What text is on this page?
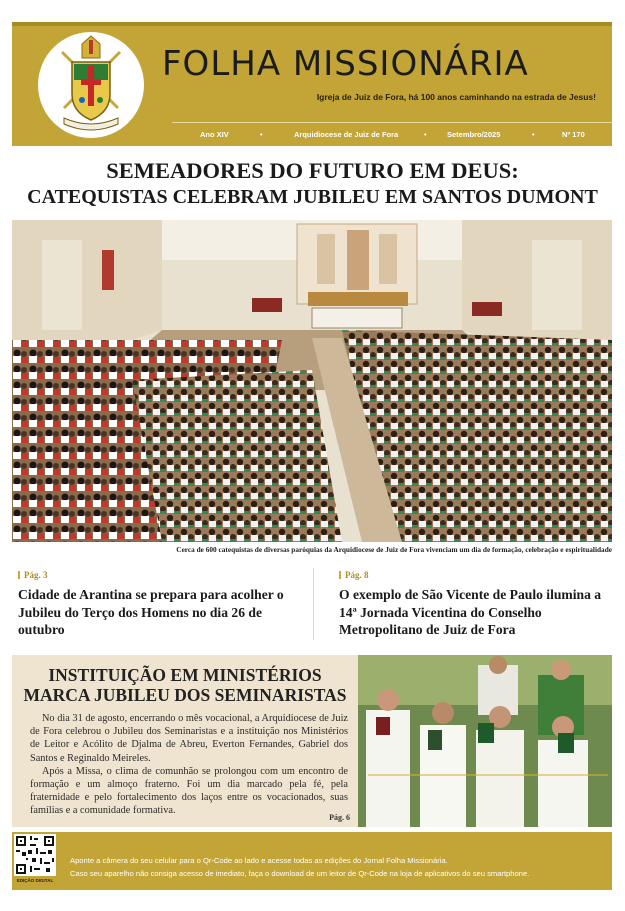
FOLHA MISSIONÁRIA
Igreja de Juiz de Fora, há 100 anos caminhando na estrada de Jesus!
Ano XIV	•	Arquidiocese de Juiz de Fora	•	Setembro/2025	•	Nº 170
SEMEADORES DO FUTURO EM DEUS:
CATEQUISTAS CELEBRAM JUBILEU EM SANTOS DUMONT
Cerca de 600 catequistas de diversas paróquias da Arquidiocese de Juiz de Fora vivenciam um dia de formação, celebração e espiritualidade
Pág. 3
Cidade de Arantina se prepara para acolher o Jubileu do Terço dos Homens no dia 26 de outubro
Pág. 8
O exemplo de São Vicente de Paulo ilumina a 14ª Jornada Vicentina do Conselho Metropolitano de Juiz de Fora
INSTITUIÇÃO EM MINISTÉRIOS
MARCA JUBILEU DOS SEMINARISTAS

No dia 31 de agosto, encerrando o mês vocacional, a Arquidiocese de Juiz de Fora celebrou o Jubileu dos Seminaristas e a instituição nos Ministérios de Leitor e Acólito de Djalma de Abreu, Everton Fernandes, Gabriel dos Santos e Reginaldo Meireles.

Após a Missa, o clima de comunhão se prolongou com um encontro de formação e um almoço fraterno. Foi um dia marcado pela fé, pela fraternidade e pelo fortalecimento dos laços entre os vocacionados, suas famílias e a comunidade formativa.

Pág. 6
EDIÇÃO DIGITAL
Aponte a câmera do seu celular para o Qr-Code ao lado e acesse todas as edições do Jornal Folha Missionária.
Caso seu aparelho não consiga acesso de imediato, faça o download de um leitor de Qr-Code na loja de aplicativos do seu smartphone.
